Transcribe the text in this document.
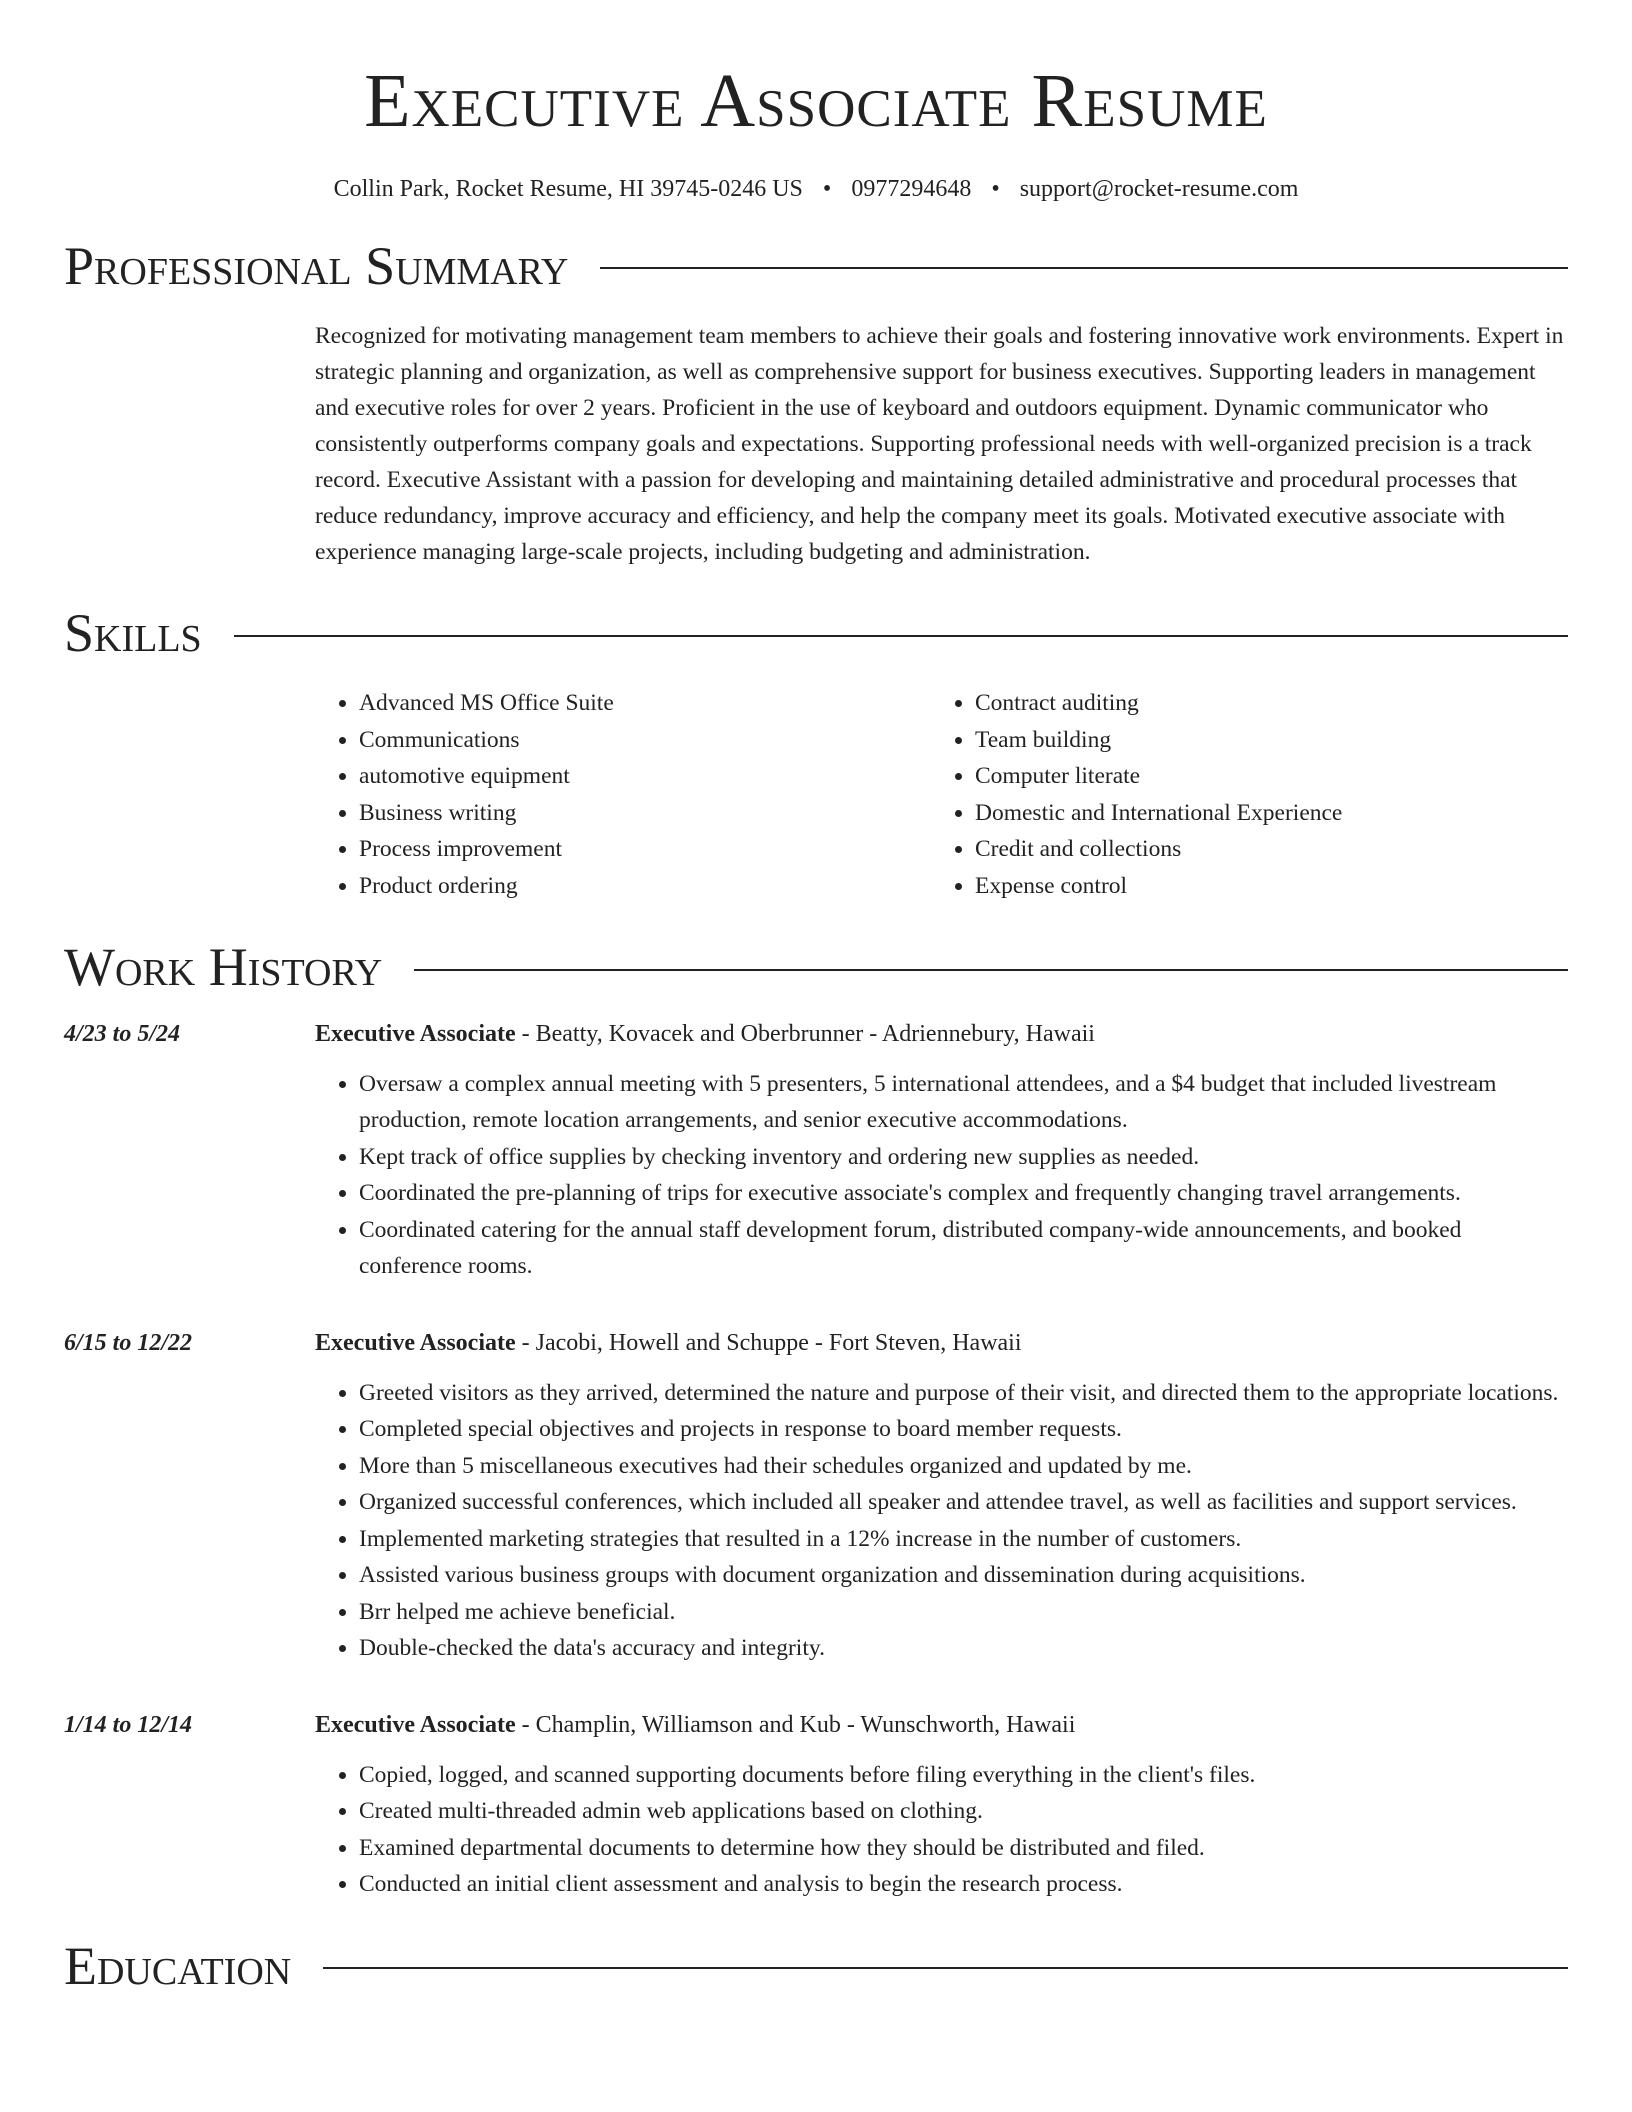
Executive Associate Resume
Collin Park, Rocket Resume, HI 39745-0246 US • 0977294648 • support@rocket-resume.com
Professional Summary

Recognized for motivating management team members to achieve their goals and fostering innovative work environments. Expert in strategic planning and organization, as well as comprehensive support for business executives. Supporting leaders in management and executive roles for over 2 years. Proficient in the use of keyboard and outdoors equipment. Dynamic communicator who consistently outperforms company goals and expectations. Supporting professional needs with well-organized precision is a track record. Executive Assistant with a passion for developing and maintaining detailed administrative and procedural processes that reduce redundancy, improve accuracy and efficiency, and help the company meet its goals. Motivated executive associate with experience managing large-scale projects, including budgeting and administration.

Skills
• Advanced MS Office Suite
• Communications
• automotive equipment
• Business writing
• Process improvement
• Product ordering
• Contract auditing
• Team building
• Computer literate
• Domestic and International Experience
• Credit and collections
• Expense control
Work History
4/23 to 5/24	Executive Associate - Beatty, Kovacek and Oberbrunner - Adriennebury, Hawaii
• Oversaw a complex annual meeting with 5 presenters, 5 international attendees, and a $4 budget that included livestream production, remote location arrangements, and senior executive accommodations.
• Kept track of office supplies by checking inventory and ordering new supplies as needed.
• Coordinated the pre-planning of trips for executive associate's complex and frequently changing travel arrangements.
• Coordinated catering for the annual staff development forum, distributed company-wide announcements, and booked conference rooms.
6/15 to 12/22	Executive Associate - Jacobi, Howell and Schuppe - Fort Steven, Hawaii
• Greeted visitors as they arrived, determined the nature and purpose of their visit, and directed them to the appropriate locations.
• Completed special objectives and projects in response to board member requests.
• More than 5 miscellaneous executives had their schedules organized and updated by me.
• Organized successful conferences, which included all speaker and attendee travel, as well as facilities and support services.
• Implemented marketing strategies that resulted in a 12% increase in the number of customers.
• Assisted various business groups with document organization and dissemination during acquisitions.
• Brr helped me achieve beneficial.
• Double-checked the data's accuracy and integrity.
1/14 to 12/14	Executive Associate - Champlin, Williamson and Kub - Wunschworth, Hawaii
• Copied, logged, and scanned supporting documents before filing everything in the client's files.
• Created multi-threaded admin web applications based on clothing.
• Examined departmental documents to determine how they should be distributed and filed.
• Conducted an initial client assessment and analysis to begin the research process.
Education
